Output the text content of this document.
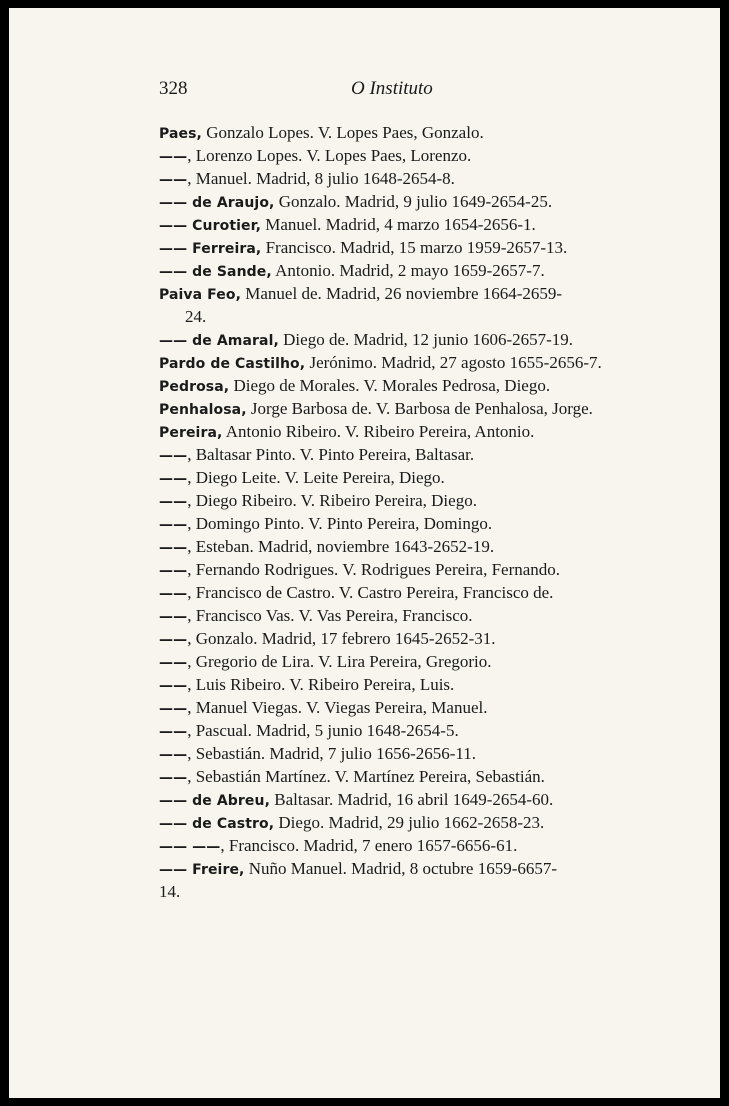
328	O Instituto
Paes, Gonzalo Lopes. V. Lopes Paes, Gonzalo.
——, Lorenzo Lopes. V. Lopes Paes, Lorenzo.
——, Manuel. Madrid, 8 julio 1648-2654-8.
—— de Araujo, Gonzalo. Madrid, 9 julio 1649-2654-25.
—— Curotier, Manuel. Madrid, 4 marzo 1654-2656-1.
—— Ferreira, Francisco. Madrid, 15 marzo 1959-2657-13.
—— de Sande, Antonio. Madrid, 2 mayo 1659-2657-7.
Paiva Feo, Manuel de. Madrid, 26 noviembre 1664-2659-
24.
—— de Amaral, Diego de. Madrid, 12 junio 1606-2657-19.
Pardo de Castilho, Jerónimo. Madrid, 27 agosto 1655-2656-7.
Pedrosa, Diego de Morales. V. Morales Pedrosa, Diego.
Penhalosa, Jorge Barbosa de. V. Barbosa de Penhalosa, Jorge.
Pereira, Antonio Ribeiro. V. Ribeiro Pereira, Antonio.
——, Baltasar Pinto. V. Pinto Pereira, Baltasar.
——, Diego Leite. V. Leite Pereira, Diego.
——, Diego Ribeiro. V. Ribeiro Pereira, Diego.
——, Domingo Pinto. V. Pinto Pereira, Domingo.
——, Esteban. Madrid, noviembre 1643-2652-19.
——, Fernando Rodrigues. V. Rodrigues Pereira, Fernando.
——, Francisco de Castro. V. Castro Pereira, Francisco de.
——, Francisco Vas. V. Vas Pereira, Francisco.
——, Gonzalo. Madrid, 17 febrero 1645-2652-31.
——, Gregorio de Lira. V. Lira Pereira, Gregorio.
——, Luis Ribeiro. V. Ribeiro Pereira, Luis.
——, Manuel Viegas. V. Viegas Pereira, Manuel.
——, Pascual. Madrid, 5 junio 1648-2654-5.
——, Sebastián. Madrid, 7 julio 1656-2656-11.
——, Sebastián Martínez. V. Martínez Pereira, Sebastián.
—— de Abreu, Baltasar. Madrid, 16 abril 1649-2654-60.
—— de Castro, Diego. Madrid, 29 julio 1662-2658-23.
—— ——, Francisco. Madrid, 7 enero 1657-6656-61.
—— Freire, Nuño Manuel. Madrid, 8 octubre 1659-6657-
14.
